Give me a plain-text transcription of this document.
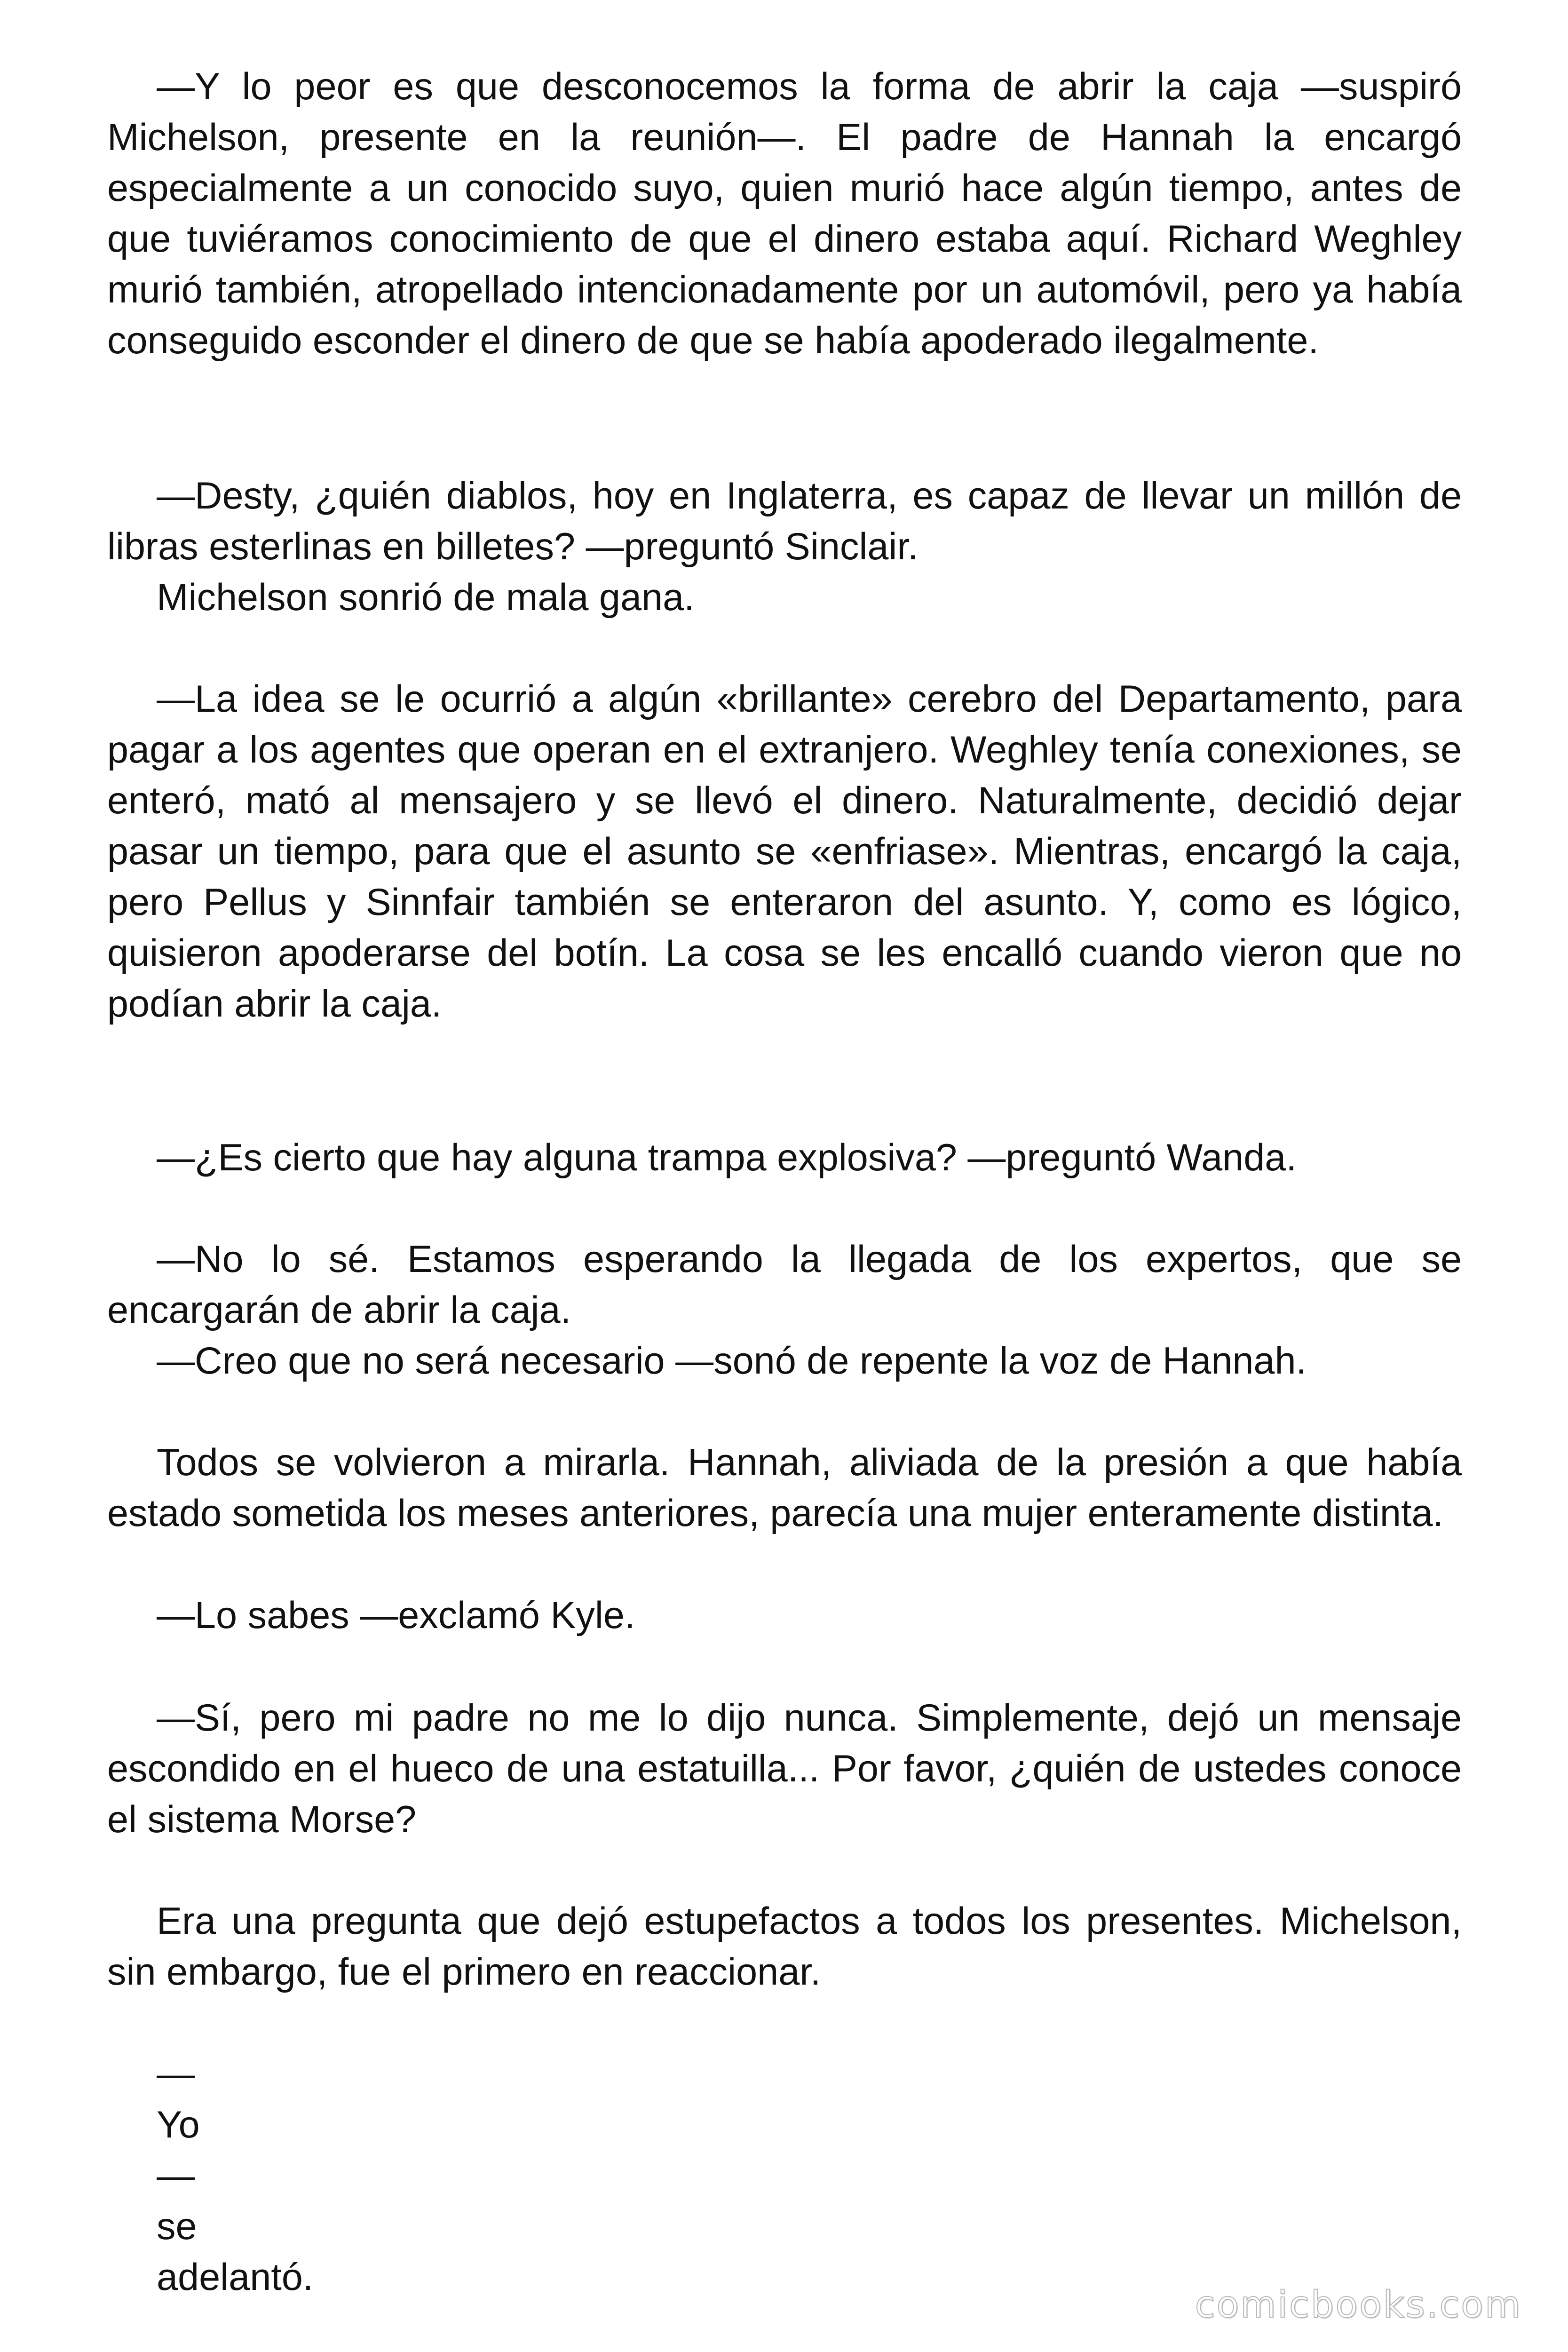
—Y lo peor es que desconocemos la forma de abrir la caja —suspiró Michelson, presente en la reunión—. El padre de Hannah la encargó especialmente a un conocido suyo, quien murió hace algún tiempo, antes de que tuviéramos conocimiento de que el dinero estaba aquí. Richard Weghley murió también, atropellado intencionadamente por un automóvil, pero ya había conseguido esconder el dinero de que se había apoderado ilegalmente.

—Desty, ¿quién diablos, hoy en Inglaterra, es capaz de llevar un millón de libras esterlinas en billetes? —preguntó Sinclair.

Michelson sonrió de mala gana.

—La idea se le ocurrió a algún «brillante» cerebro del Departamento, para pagar a los agentes que operan en el extranjero. Weghley tenía conexiones, se enteró, mató al mensajero y se llevó el dinero. Naturalmente, decidió dejar pasar un tiempo, para que el asunto se «enfriase». Mientras, encargó la caja, pero Pellus y Sinnfair también se enteraron del asunto. Y, como es lógico, quisieron apoderarse del botín. La cosa se les encalló cuando vieron que no podían abrir la caja.

—¿Es cierto que hay alguna trampa explosiva? —preguntó Wanda.

—No lo sé. Estamos esperando la llegada de los expertos, que se encargarán de abrir la caja.

—Creo que no será necesario —sonó de repente la voz de Hannah.

Todos se volvieron a mirarla. Hannah, aliviada de la presión a que había estado sometida los meses anteriores, parecía una mujer enteramente distinta.

—Lo sabes —exclamó Kyle.

—Sí, pero mi padre no me lo dijo nunca. Simplemente, dejó un mensaje escondido en el hueco de una estatuilla... Por favor, ¿quién de ustedes conoce el sistema Morse?

Era una pregunta que dejó estupefactos a todos los presentes. Michelson, sin embargo, fue el primero en reaccionar.

—

Yo

—

se

adelantó.

comicbooks.com
